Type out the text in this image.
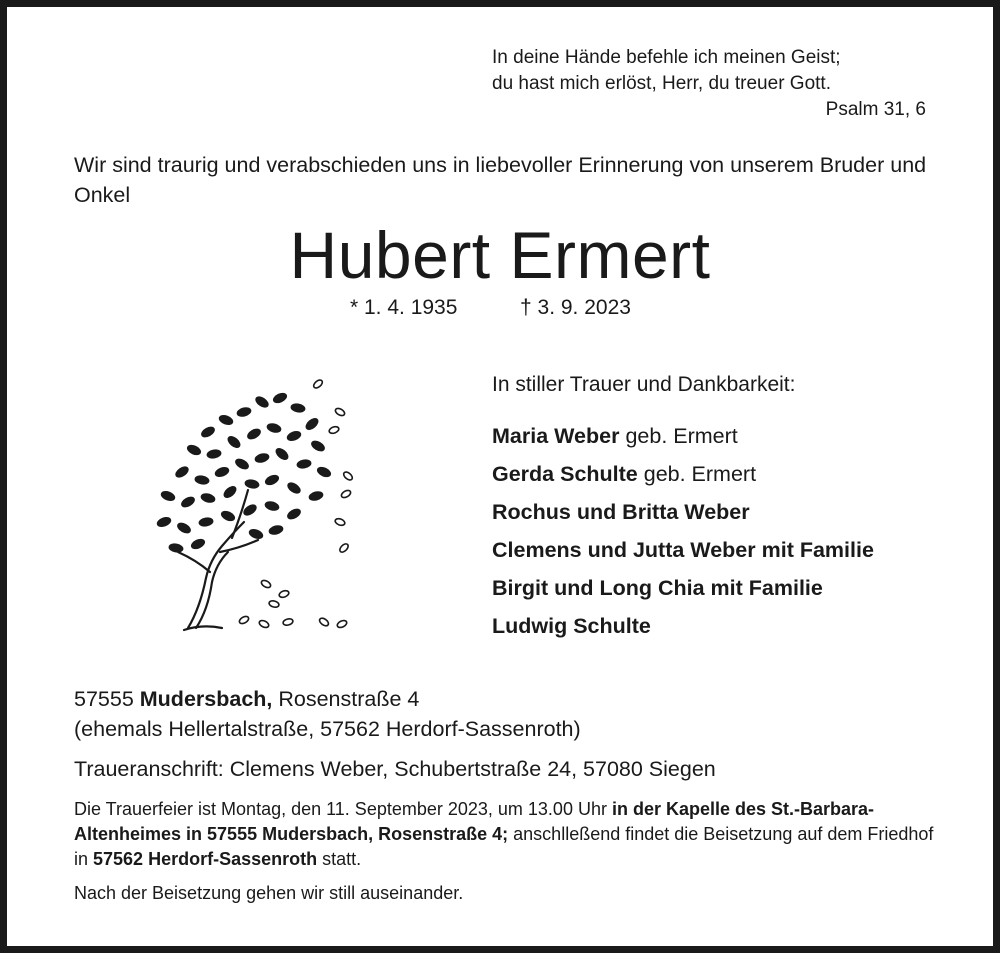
In deine Hände befehle ich meinen Geist;
du hast mich erlöst, Herr, du treuer Gott.
Psalm 31, 6
Wir sind traurig und verabschieden uns in liebevoller Erinnerung von unserem Bruder und Onkel
Hubert Ermert
* 1. 4. 1935	† 3. 9. 2023
In stiller Trauer und Dankbarkeit:
Maria Weber geb. Ermert
Gerda Schulte geb. Ermert
Rochus und Britta Weber
Clemens und Jutta Weber mit Familie
Birgit und Long Chia mit Familie
Ludwig Schulte
57555 Mudersbach, Rosenstraße 4
(ehemals Hellertalstraße, 57562 Herdorf-Sassenroth)
Traueranschrift: Clemens Weber, Schubertstraße 24, 57080 Siegen
Die Trauerfeier ist Montag, den 11. September 2023, um 13.00 Uhr in der Kapelle des St.-Barbara-Altenheimes in 57555 Mudersbach, Rosenstraße 4; anschlleßend findet die Beisetzung auf dem Friedhof in 57562 Herdorf-Sassenroth statt.
Nach der Beisetzung gehen wir still auseinander.
